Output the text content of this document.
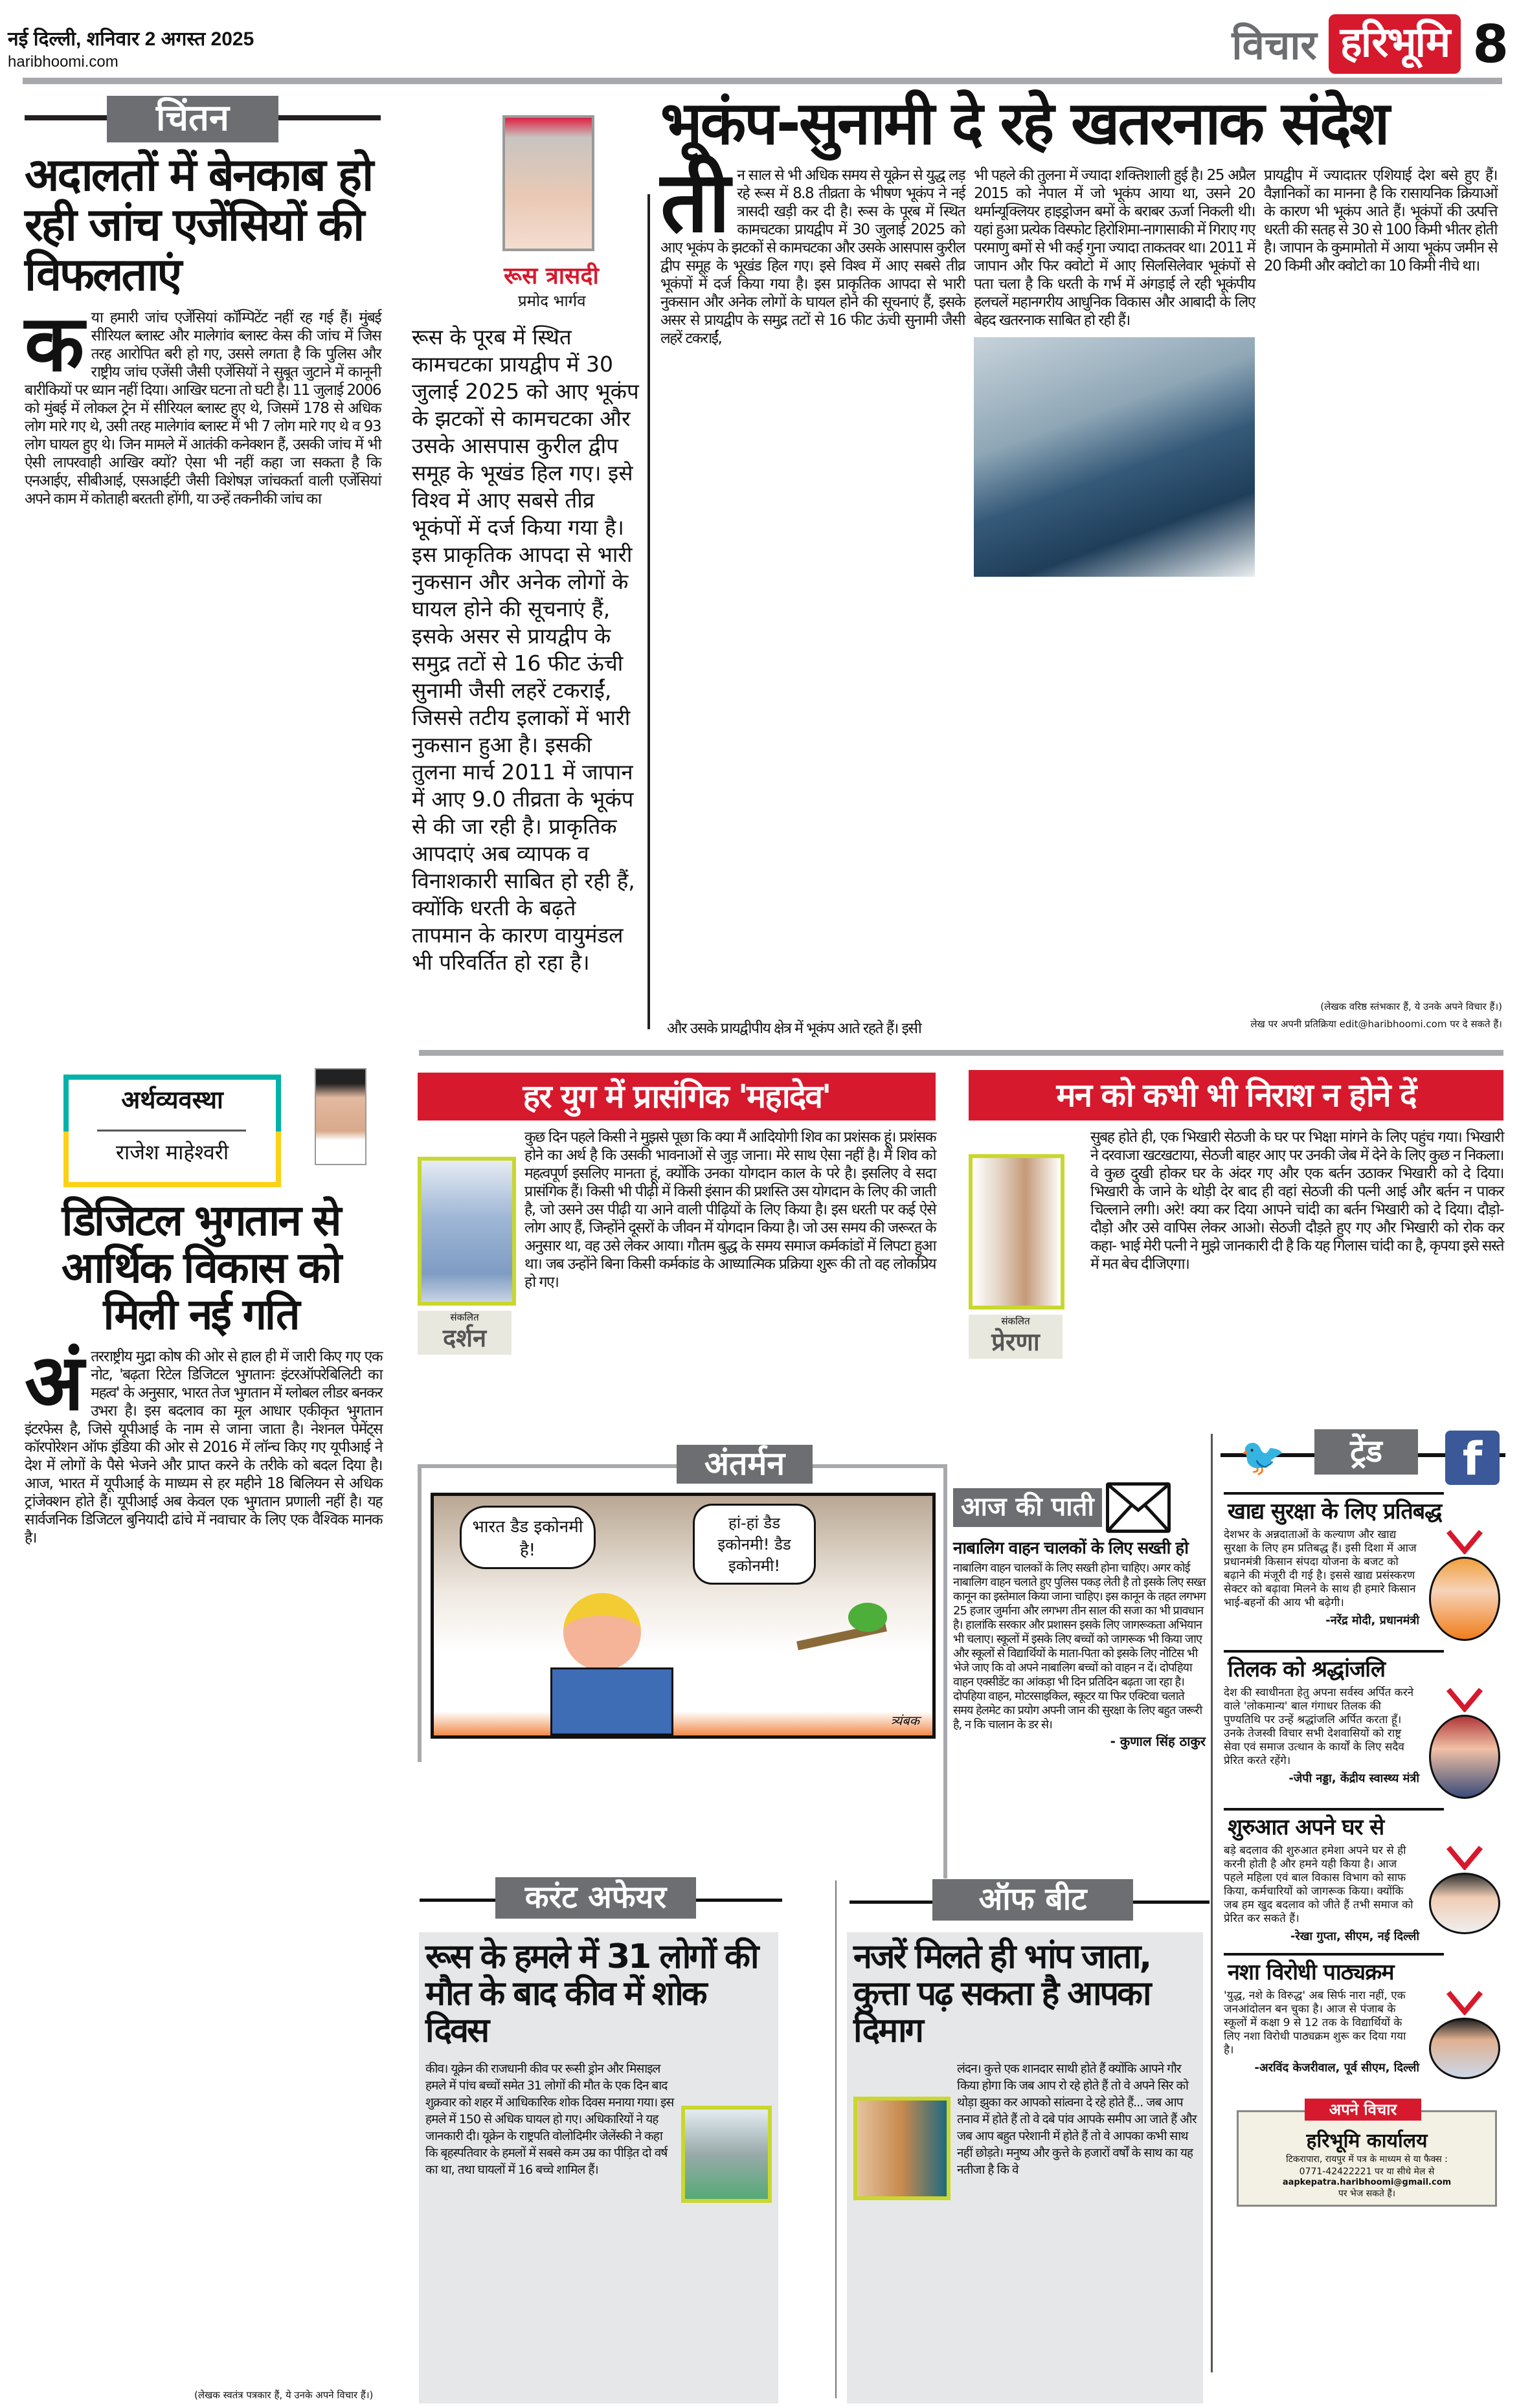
नई दिल्ली, शनिवार 2 अगस्त 2025
haribhoomi.com	विचार हरिभूमि 8
चिंतन
अदालतों में बेनकाब हो रही जांच एजेंसियों की विफलताएं
क या हमारी जांच एजेंसियां कॉम्पिटेंट नहीं रह गई हैं। मुंबई सीरियल ब्लास्ट और मालेगांव ब्लास्ट केस की जांच में जिस तरह आरोपित बरी हो गए, उससे लगता है कि पुलिस और राष्ट्रीय जांच एजेंसी जैसी एजेंसियों ने सुबूत जुटाने में कानूनी बारीकियों पर ध्यान नहीं दिया। आखिर घटना तो घटी है। 11 जुलाई 2006 को मुंबई में लोकल ट्रेन में सीरियल ब्लास्ट हुए थे, जिसमें 178 से अधिक लोग मारे गए थे, उसी तरह मालेगांव ब्लास्ट में भी 7 लोग मारे गए थे व 93 लोग घायल हुए थे। जिन मामले में आतंकी कनेक्शन हैं, उसकी जांच में भी ऐसी लापरवाही आखिर क्यों? ऐसा भी नहीं कहा जा सकता है कि एनआईए, सीबीआई, एसआईटी जैसी विशेषज्ञ जांचकर्ता वाली एजेंसियां अपने काम में कोताही बरतती होंगी, या उन्हें तकनीकी जांच का
रूस त्रासदी
प्रमोद भार्गव
रूस के पूरब में स्थित कामचटका प्रायद्वीप में 30 जुलाई 2025 को आए भूकंप के झटकों से कामचटका और उसके आसपास कुरील द्वीप समूह के भूखंड हिल गए। इसे विश्व में आए सबसे तीव्र भूकंपों में दर्ज किया गया है। इस प्राकृतिक आपदा से भारी नुकसान और अनेक लोगों के घायल होने की सूचनाएं हैं, इसके असर से प्रायद्वीप के समुद्र तटों से 16 फीट ऊंची सुनामी जैसी लहरें टकराईं, जिससे तटीय इलाकों में भारी नुकसान हुआ है। इसकी तुलना मार्च 2011 में जापान में आए 9.0 तीव्रता के भूकंप से की जा रही है। प्राकृतिक आपदाएं अब व्यापक व विनाशकारी साबित हो रही हैं, क्योंकि धरती के बढ़ते तापमान के कारण वायुमंडल भी परिवर्तित हो रहा है।
भूकंप-सुनामी दे रहे खतरनाक संदेश
ती न साल से भी अधिक समय से यूक्रेन से युद्ध लड़ रहे रूस में 8.8 तीव्रता के भीषण भूकंप ने नई त्रासदी खड़ी कर दी है। रूस के पूरब में स्थित कामचटका प्रायद्वीप में 30 जुलाई 2025 को आए भूकंप के झटकों से कामचटका और उसके आसपास कुरील द्वीप समूह के भूखंड हिल गए। इसे विश्व में आए सबसे तीव्र भूकंपों में दर्ज किया गया है। इस प्राकृतिक आपदा से भारी नुकसान और अनेक लोगों के घायल होने की सूचनाएं हैं, इसके असर से प्रायद्वीप के समुद्र तटों से 16 फीट ऊंची सुनामी जैसी लहरें टकराईं,
भी पहले की तुलना में ज्यादा शक्तिशाली हुई है। 25 अप्रैल 2015 को नेपाल में जो भूकंप आया था, उसने 20 थर्मान्यूक्लियर हाइड्रोजन बमों के बराबर ऊर्जा निकली थी। यहां हुआ प्रत्येक विस्फोट हिरोशिमा-नागासाकी में गिराए गए परमाणु बमों से भी कई गुना ज्यादा ताकतवर था। 2011 में जापान और फिर क्वोटो में आए सिलसिलेवार भूकंपों से पता चला है कि धरती के गर्भ में अंगड़ाई ले रही भूकंपीय हलचलें महानगरीय आधुनिक विकास और आबादी के लिए बेहद खतरनाक साबित हो रही हैं।
प्रायद्वीप में ज्यादातर एशियाई देश बसे हुए हैं। वैज्ञानिकों का मानना है कि रासायनिक क्रियाओं के कारण भी भूकंप आते हैं। भूकंपों की उत्पत्ति धरती की सतह से 30 से 100 किमी भीतर होती है। जापान के कुमामोतो में आया भूकंप जमीन से 20 किमी और क्वोटो का 10 किमी नीचे था।
और उसके प्रायद्वीपीय क्षेत्र में भूकंप आते रहते हैं। इसी
(लेखक वरिष्ठ स्तंभकार हैं, ये उनके अपने विचार हैं।)
लेख पर अपनी प्रतिक्रिया edit@haribhoomi.com पर दे सकते हैं।
अर्थव्यवस्था
राजेश माहेश्वरी
डिजिटल भुगतान से आर्थिक विकास को मिली नई गति
अं तरराष्ट्रीय मुद्रा कोष की ओर से हाल ही में जारी किए गए एक नोट, 'बढ़ता रिटेल डिजिटल भुगतानः इंटरऑपरेबिलिटी का महत्व' के अनुसार, भारत तेज भुगतान में ग्लोबल लीडर बनकर उभरा है। इस बदलाव का मूल आधार एकीकृत भुगतान इंटरफेस है, जिसे यूपीआई के नाम से जाना जाता है। नेशनल पेमेंट्स कॉरपोरेशन ऑफ इंडिया की ओर से 2016 में लॉन्च किए गए यूपीआई ने देश में लोगों के पैसे भेजने और प्राप्त करने के तरीके को बदल दिया है। आज, भारत में यूपीआई के माध्यम से हर महीने 18 बिलियन से अधिक ट्रांजेक्शन होते हैं। यूपीआई अब केवल एक भुगतान प्रणाली नहीं है। यह सार्वजनिक डिजिटल बुनियादी ढांचे में नवाचार के लिए एक वैश्विक मानक है।
(लेखक स्वतंत्र पत्रकार हैं, ये उनके अपने विचार हैं।)
हर युग में प्रासंगिक 'महादेव'
संकलित
दर्शन
कुछ दिन पहले किसी ने मुझसे पूछा कि क्या मैं आदियोगी शिव का प्रशंसक हूं। प्रशंसक होने का अर्थ है कि उसकी भावनाओं से जुड़ जाना। मेरे साथ ऐसा नहीं है। मैं शिव को महत्वपूर्ण इसलिए मानता हूं, क्योंकि उनका योगदान काल के परे है। इसलिए वे सदा प्रासंगिक हैं। किसी भी पीढ़ी में किसी इंसान की प्रशस्ति उस योगदान के लिए की जाती है, जो उसने उस पीढ़ी या आने वाली पीढ़ियों के लिए किया है। इस धरती पर कई ऐसे लोग आए हैं, जिन्होंने दूसरों के जीवन में योगदान किया है। जो उस समय की जरूरत के अनुसार था, वह उसे लेकर आया। गौतम बुद्ध के समय समाज कर्मकांडों में लिपटा हुआ था। जब उन्होंने बिना किसी कर्मकांड के आध्यात्मिक प्रक्रिया शुरू की तो वह लोकप्रिय हो गए।
मन को कभी भी निराश न होने दें
संकलित
प्रेरणा
सुबह होते ही, एक भिखारी सेठजी के घर पर भिक्षा मांगने के लिए पहुंच गया। भिखारी ने दरवाजा खटखटाया, सेठजी बाहर आए पर उनकी जेब में देने के लिए कुछ न निकला। वे कुछ दुखी होकर घर के अंदर गए और एक बर्तन उठाकर भिखारी को दे दिया। भिखारी के जाने के थोड़ी देर बाद ही वहां सेठजी की पत्नी आई और बर्तन न पाकर चिल्लाने लगी। अरे! क्या कर दिया आपने चांदी का बर्तन भिखारी को दे दिया। दौड़ो-दौड़ो और उसे वापिस लेकर आओ। सेठजी दौड़ते हुए गए और भिखारी को रोक कर कहा- भाई मेरी पत्नी ने मुझे जानकारी दी है कि यह गिलास चांदी का है, कृपया इसे सस्ते में मत बेच दीजिएगा।
अंतर्मन
भारत डैड इकोनमी है!
हां-हां डैड इकोनमी! डैड इकोनमी!
त्र्यंबक
आज की पाती
नाबालिग वाहन चालकों के लिए सख्ती हो
नाबालिग वाहन चालकों के लिए सख्ती होना चाहिए। अगर कोई नाबालिग वाहन चलाते हुए पुलिस पकड़ लेती है तो इसके लिए सख्त कानून का इस्तेमाल किया जाना चाहिए। इस कानून के तहत लगभग 25 हजार जुर्माना और लगभग तीन साल की सजा का भी प्रावधान है। हालांकि सरकार और प्रशासन इसके लिए जागरूकता अभियान भी चलाए। स्कूलों में इसके लिए बच्चों को जागरूक भी किया जाए और स्कूलों से विद्यार्थियों के माता-पिता को इसके लिए नोटिस भी भेजे जाए कि वो अपने नाबालिग बच्चों को वाहन न दें। दोपहिया वाहन एक्सीडेंट का आंकड़ा भी दिन प्रतिदिन बढ़ता जा रहा है। दोपहिया वाहन, मोटरसाइकिल, स्कूटर या फिर एक्टिवा चलाते समय हेलमेट का प्रयोग अपनी जान की सुरक्षा के लिए बहुत जरूरी है, न कि चालान के डर से।
- कुणाल सिंह ठाकुर
🐦	ट्रेंड	f
खाद्य सुरक्षा के लिए प्रतिबद्ध
देशभर के अन्नदाताओं के कल्याण और खाद्य सुरक्षा के लिए हम प्रतिबद्ध हैं। इसी दिशा में आज प्रधानमंत्री किसान संपदा योजना के बजट को बढ़ाने की मंजूरी दी गई है। इससे खाद्य प्रसंस्करण सेक्टर को बढ़ावा मिलने के साथ ही हमारे किसान भाई-बहनों की आय भी बढ़ेगी।
-नरेंद्र मोदी, प्रधानमंत्री
तिलक को श्रद्धांजलि
देश की स्वाधीनता हेतु अपना सर्वस्व अर्पित करने वाले 'लोकमान्य' बाल गंगाधर तिलक की पुण्यतिथि पर उन्हें श्रद्धांजलि अर्पित करता हूँ। उनके तेजस्वी विचार सभी देशवासियों को राष्ट्र सेवा एवं समाज उत्थान के कार्यों के लिए सदैव प्रेरित करते रहेंगे।
-जेपी नड्डा, केंद्रीय स्वास्थ्य मंत्री
शुरुआत अपने घर से
बड़े बदलाव की शुरुआत हमेशा अपने घर से ही करनी होती है और हमने यही किया है। आज पहले महिला एवं बाल विकास विभाग को साफ किया, कर्मचारियों को जागरूक किया। क्योंकि जब हम खुद बदलाव को जीते हैं तभी समाज को प्रेरित कर सकते हैं।
-रेखा गुप्ता, सीएम, नई दिल्ली
नशा विरोधी पाठ्यक्रम
'युद्ध, नशे के विरुद्ध' अब सिर्फ नारा नहीं, एक जनआंदोलन बन चुका है। आज से पंजाब के स्कूलों में कक्षा 9 से 12 तक के विद्यार्थियों के लिए नशा विरोधी पाठ्यक्रम शुरू कर दिया गया है।
-अरविंद केजरीवाल, पूर्व सीएम, दिल्ली
अपने विचार
हरिभूमि कार्यालय
टिकरापारा, रायपुर में पत्र के माध्यम से या फैक्स :
0771-42422221 पर या सीधे मेल से
aapkepatra.haribhoomi@gmail.com
पर भेज सकते हैं।
करंट अफेयर
रूस के हमले में 31 लोगों की मौत के बाद कीव में शोक दिवस
कीव। यूक्रेन की राजधानी कीव पर रूसी ड्रोन और मिसाइल हमले में पांच बच्चों समेत 31 लोगों की मौत के एक दिन बाद शुक्रवार को शहर में आधिकारिक शोक दिवस मनाया गया। इस हमले में 150 से अधिक घायल हो गए। अधिकारियों ने यह जानकारी दी। यूक्रेन के राष्ट्रपति वोलोदिमीर जेलेंस्की ने कहा कि बृहस्पतिवार के हमलों में सबसे कम उम्र का पीड़ित दो वर्ष का था, तथा घायलों में 16 बच्चे शामिल हैं।
ऑफ बीट
नजरें मिलते ही भांप जाता, कुत्ता पढ़ सकता है आपका दिमाग
लंदन। कुत्ते एक शानदार साथी होते हैं क्योंकि आपने गौर किया होगा कि जब आप रो रहे होते हैं तो वे अपने सिर को थोड़ा झुका कर आपको सांत्वना दे रहे होते हैं... जब आप तनाव में होते हैं तो वे दबे पांव आपके समीप आ जाते हैं और जब आप बहुत परेशानी में होते हैं तो वे आपका कभी साथ नहीं छोड़ते। मनुष्य और कुत्ते के हजारों वर्षों के साथ का यह नतीजा है कि वे
